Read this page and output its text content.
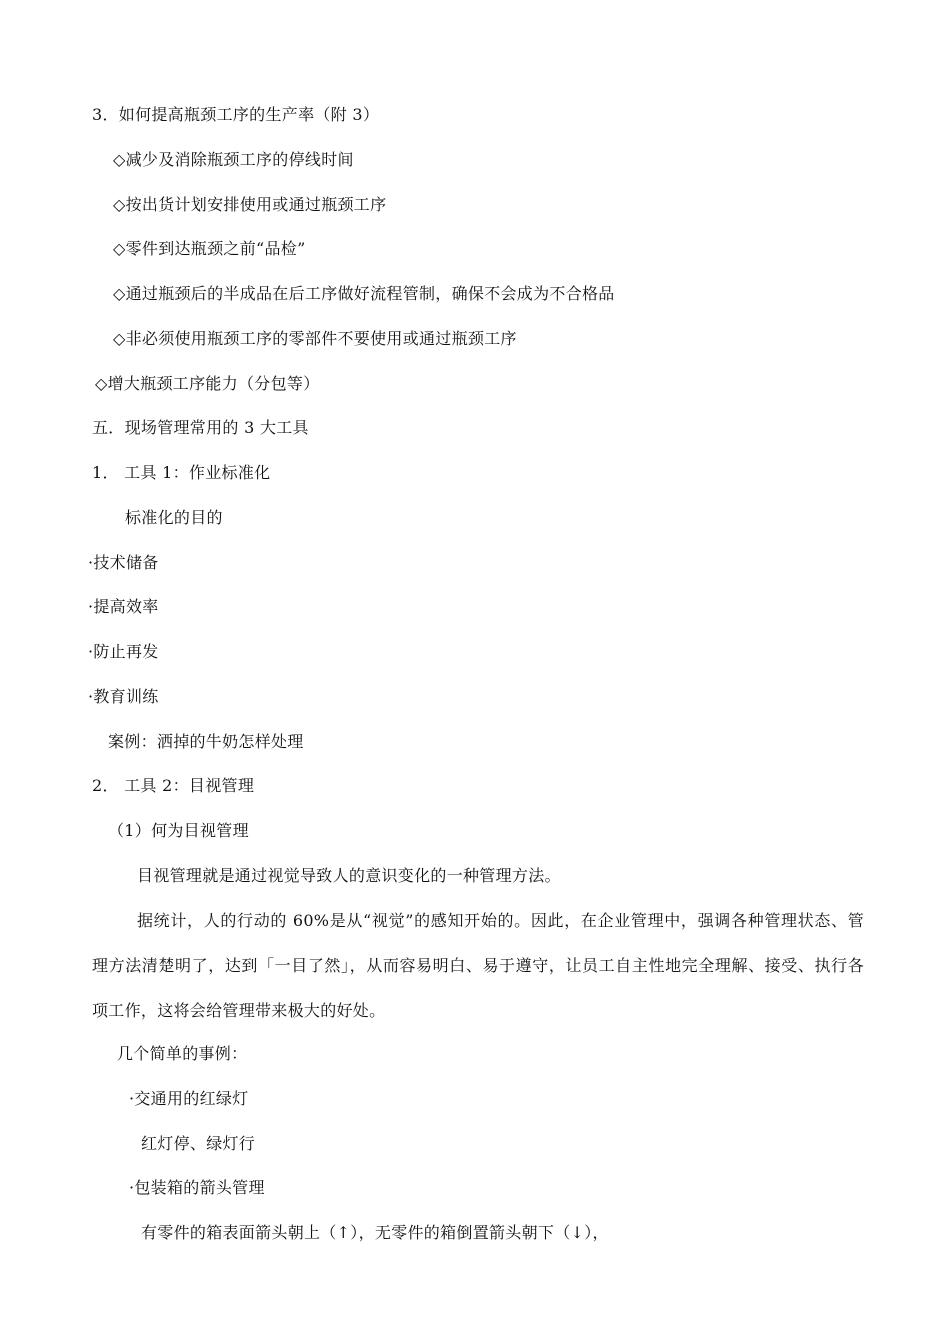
3．如何提高瓶颈工序的生产率（附 3）
◇减少及消除瓶颈工序的停线时间
◇按出货计划安排使用或通过瓶颈工序
◇零件到达瓶颈之前“品检”
◇通过瓶颈后的半成品在后工序做好流程管制，确保不会成为不合格品
◇非必须使用瓶颈工序的零部件不要使用或通过瓶颈工序
◇增大瓶颈工序能力（分包等）
五．现场管理常用的 3 大工具
1． 工具 1：作业标准化
标准化的目的
·技术储备
·提高效率
·防止再发
·教育训练
案例：洒掉的牛奶怎样处理
2． 工具 2：目视管理
（1）何为目视管理
目视管理就是通过视觉导致人的意识变化的一种管理方法。
据统计，人的行动的 60%是从“视觉”的感知开始的。因此，在企业管理中，强调各种管理状态、管理方法清楚明了，达到「一目了然」，从而容易明白、易于遵守，让员工自主性地完全理解、接受、执行各项工作，这将会给管理带来极大的好处。
几个简单的事例：
·交通用的红绿灯
红灯停、绿灯行
·包装箱的箭头管理
有零件的箱表面箭头朝上（↑），无零件的箱倒置箭头朝下（↓），
